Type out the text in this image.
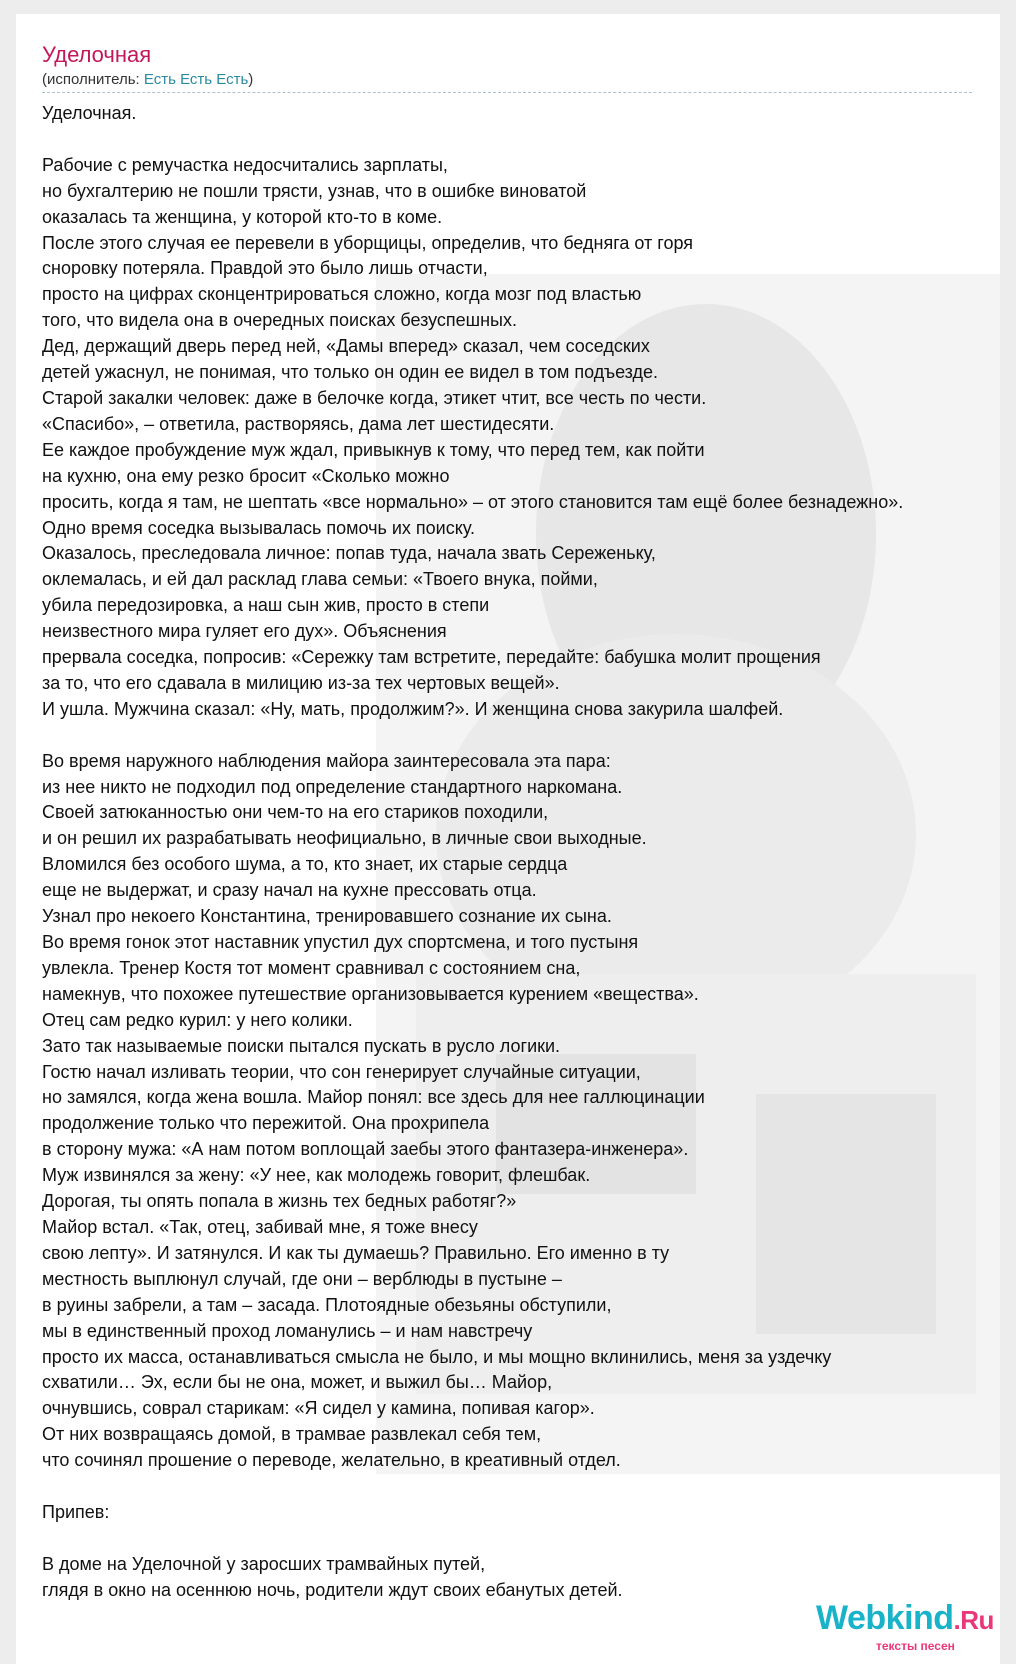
Уделочная
(исполнитель: Есть Есть Есть)
Уделочная.

Рабочие с ремучастка недосчитались зарплаты,
но бухгалтерию не пошли трясти, узнав, что в ошибке виноватой
оказалась та женщина, у которой кто-то в коме.
После этого случая ее перевели в уборщицы, определив, что бедняга от горя
сноровку потеряла. Правдой это было лишь отчасти,
просто на цифрах сконцентрироваться сложно, когда мозг под властью
того, что видела она в очередных поисках безуспешных.
Дед, держащий дверь перед ней, «Дамы вперед» сказал, чем соседских
детей ужаснул, не понимая, что только он один ее видел в том подъезде.
Старой закалки человек: даже в белочке когда, этикет чтит, все честь по чести.
«Спасибо», – ответила, растворяясь, дама лет шестидесяти.
Ее каждое пробуждение муж ждал, привыкнув к тому, что перед тем, как пойти
на кухню, она ему резко бросит «Сколько можно
просить, когда я там, не шептать «все нормально» – от этого становится там ещё более безнадежно».
Одно время соседка вызывалась помочь их поиску.
Оказалось, преследовала личное: попав туда, начала звать Сереженьку,
оклемалась, и ей дал расклад глава семьи: «Твоего внука, пойми,
убила передозировка, а наш сын жив, просто в степи
неизвестного мира гуляет его дух». Объяснения
прервала соседка, попросив: «Сережку там встретите, передайте: бабушка молит прощения
за то, что его сдавала в милицию из-за тех чертовых вещей».
И ушла. Мужчина сказал: «Ну, мать, продолжим?». И женщина снова закурила шалфей.

Во время наружного наблюдения майора заинтересовала эта пара:
из нее никто не подходил под определение стандартного наркомана.
Своей затюканностью они чем-то на его стариков походили,
и он решил их разрабатывать неофициально, в личные свои выходные.
Вломился без особого шума, а то, кто знает, их старые сердца
еще не выдержат, и сразу начал на кухне прессовать отца.
Узнал про некоего Константина, тренировавшего сознание их сына.
Во время гонок этот наставник упустил дух спортсмена, и того пустыня
увлекла. Тренер Костя тот момент сравнивал с состоянием сна,
намекнув, что похожее путешествие организовывается курением «вещества».
Отец сам редко курил: у него колики.
Зато так называемые поиски пытался пускать в русло логики.
Гостю начал изливать теории, что сон генерирует случайные ситуации,
но замялся, когда жена вошла. Майор понял: все здесь для нее галлюцинации
продолжение только что пережитой. Она прохрипела
в сторону мужа: «А нам потом воплощай заебы этого фантазера-инженера».
Муж извинялся за жену: «У нее, как молодежь говорит, флешбак.
Дорогая, ты опять попала в жизнь тех бедных работяг?»
Майор встал. «Так, отец, забивай мне, я тоже внесу
свою лепту». И затянулся. И как ты думаешь? Правильно. Его именно в ту
местность выплюнул случай, где они – верблюды в пустыне –
в руины забрели, а там – засада. Плотоядные обезьяны обступили,
мы в единственный проход ломанулись – и нам навстречу
просто их масса, останавливаться смысла не было, и мы мощно вклинились, меня за уздечку
схватили… Эх, если бы не она, может, и выжил бы… Майор,
очнувшись, соврал старикам: «Я сидел у камина, попивая кагор».
От них возвращаясь домой, в трамвае развлекал себя тем,
что сочинял прошение о переводе, желательно, в креативный отдел.

Припев:

В доме на Уделочной у заросших трамвайных путей,
глядя в окно на осеннюю ночь, родители ждут своих ебанутых детей.
Webkind.Ru
тексты песен
